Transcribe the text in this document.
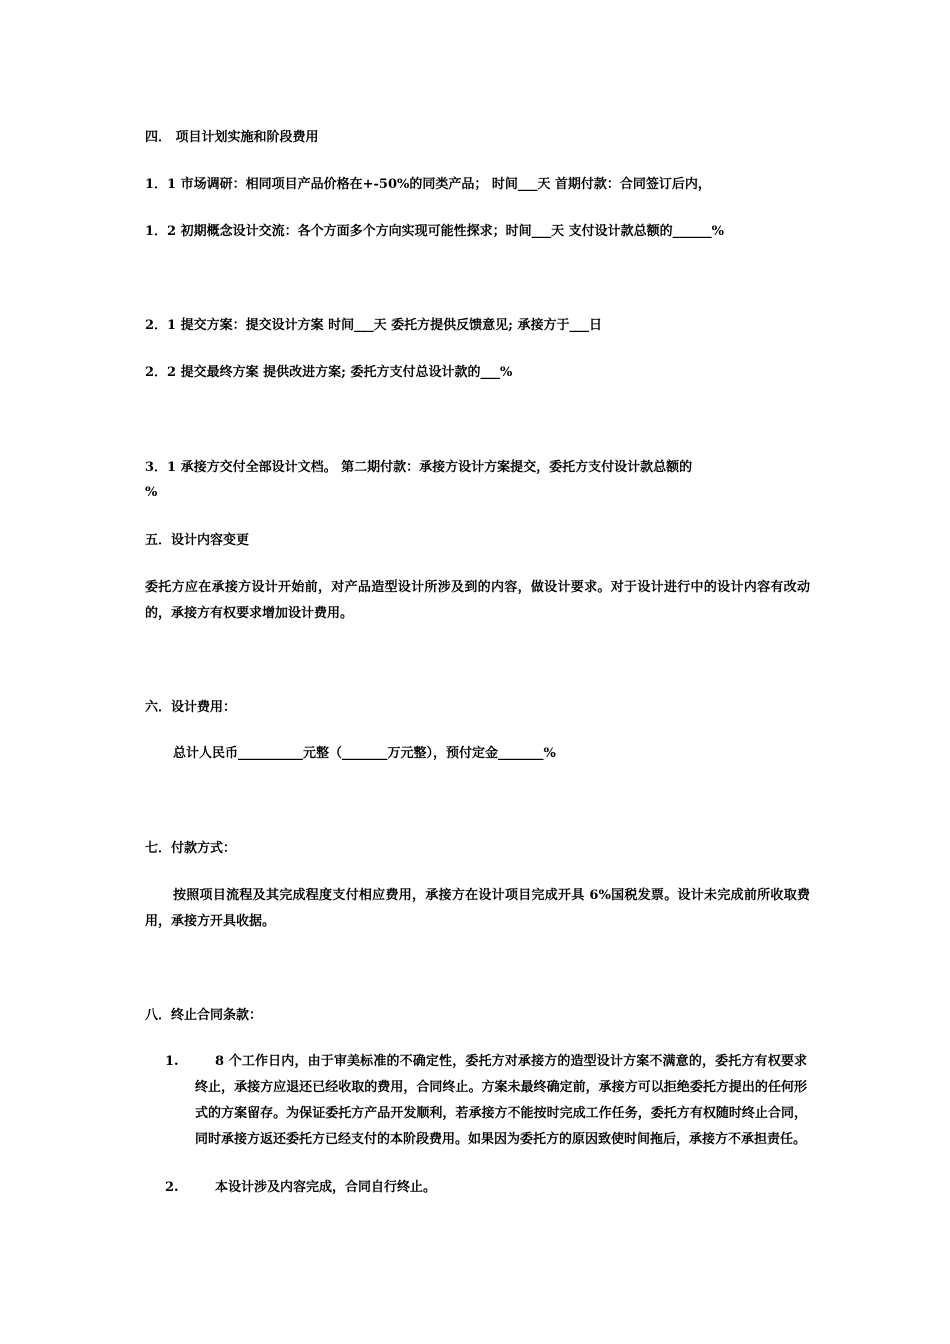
四． 项目计划实施和阶段费用
1．1 市场调研：相同项目产品价格在+-50%的同类产品； 时间___天 首期付款：合同签订后内，
1．2 初期概念设计交流：各个方面多个方向实现可能性探求；时间___天 支付设计款总额的______%
2．1 提交方案：提交设计方案 时间___天 委托方提供反馈意见; 承接方于___日
2．2 提交最终方案 提供改进方案; 委托方支付总设计款的___%
3．1 承接方交付全部设计文档。 第二期付款：承接方设计方案提交，委托方支付设计款总额的
%
五．设计内容变更
委托方应在承接方设计开始前，对产品造型设计所涉及到的内容，做设计要求。对于设计进行中的设计内容有改动的，承接方有权要求增加设计费用。
六．设计费用：
总计人民币__________元整（_______万元整），预付定金_______%
七．付款方式：
按照项目流程及其完成程度支付相应费用，承接方在设计项目完成开具 6%国税发票。设计未完成前所收取费用，承接方开具收据。
八．终止合同条款：
1.	8 个工作日内，由于审美标准的不确定性，委托方对承接方的造型设计方案不满意的，委托方有权要求终止，承接方应退还已经收取的费用，合同终止。方案未最终确定前，承接方可以拒绝委托方提出的任何形式的方案留存。为保证委托方产品开发顺利，若承接方不能按时完成工作任务，委托方有权随时终止合同，同时承接方返还委托方已经支付的本阶段费用。如果因为委托方的原因致使时间拖后，承接方不承担责任。
2.	本设计涉及内容完成，合同自行终止。
